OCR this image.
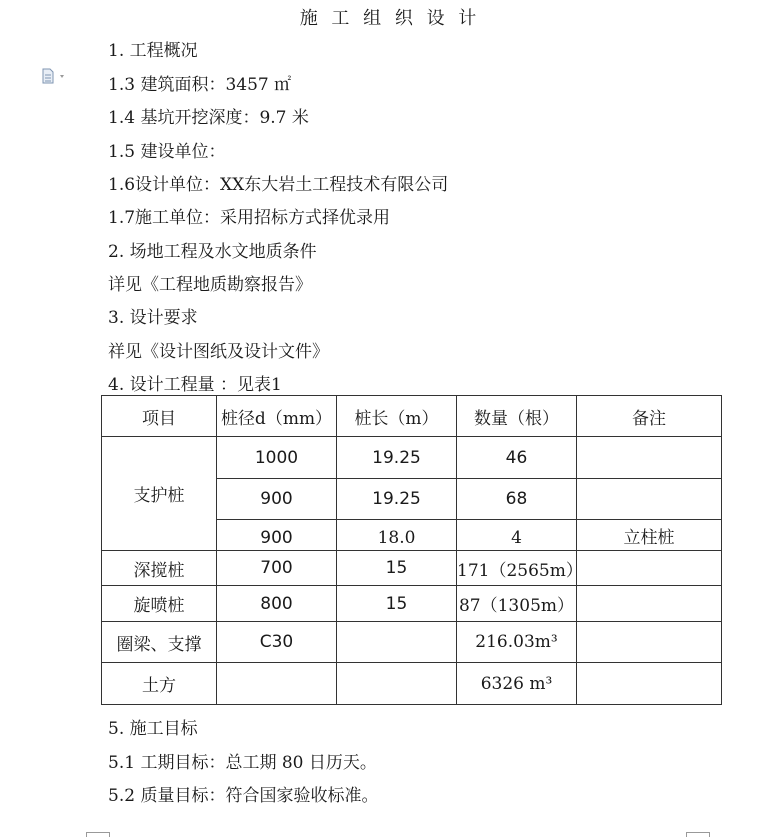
施 工 组 织 设 计
1. 工程概况
1.3 建筑面积：3457 ㎡
1.4 基坑开挖深度：9.7 米
1.5 建设单位：
1.6设计单位：XX东大岩土工程技术有限公司
1.7施工单位：采用招标方式择优录用
2. 场地工程及水文地质条件
详见《工程地质勘察报告》
3. 设计要求
祥见《设计图纸及设计文件》
4. 设计工程量 ：见表1
项目	桩径d（mm）	桩长（m）	数量（根）	备注
支护桩	1000	19.25	46	
	900	19.25	68	
	900	18.0	4	立柱桩
深搅桩	700	15	171（2565m）	
旋喷桩	800	15	87（1305m）	
圈梁、支撑	C30		216.03m³	
土方			6326 m³	
5. 施工目标
5.1 工期目标：总工期 80 日历天。
5.2 质量目标：符合国家验收标准。
